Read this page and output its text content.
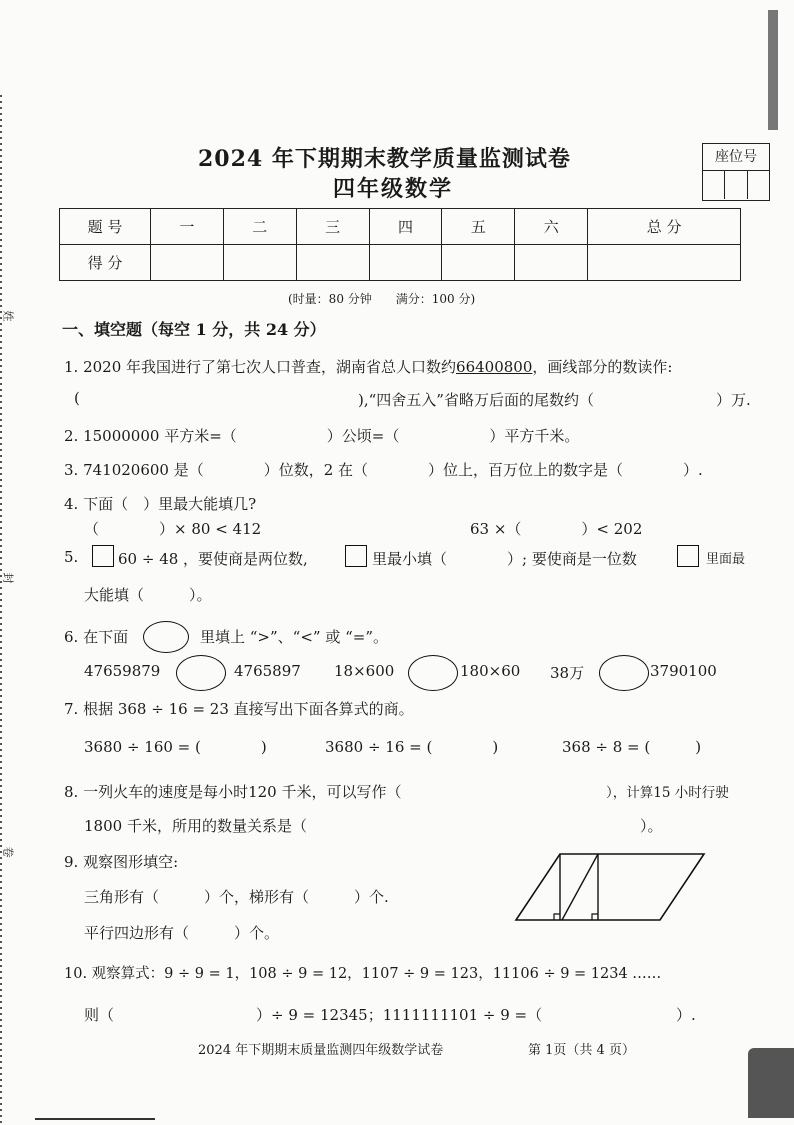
姓
封
卷
2024 年下期期末教学质量监测试卷
四年级数学
座位号
题 号	一	二	三	四	五	六	总 分
得 分							
(时量：80 分钟　　满分：100 分)
一、填空题（每空 1 分，共 24 分）
1. 2020 年我国进行了第七次人口普查，湖南省总人口数约66400800，画线部分的数读作:
(	),“四舍五入”省略万后面的尾数约（	）万.
2. 15000000 平方米=（　　　　　　）公顷=（　　　　　　）平方千米。
3. 741020600 是（　　　　）位数，2 在（　　　　）位上，百万位上的数字是（　　　　）.
4. 下面（　）里最大能填几?
（　　　　）× 80 < 412	63 ×（　　　　）< 202
5.	60 ÷ 48 ，要使商是两位数,	里最小填（　　　　）; 要使商是一位数	里面最
大能填（　　　）。
6. 在下面	里填上 “>”、“<” 或 “=”。
47659879	4765897 18×600	180×60 38万	3790100
7. 根据 368 ÷ 16 = 23 直接写出下面各算式的商。
3680 ÷ 160 = (　　　　)	3680 ÷ 16 = (　　　　)	368 ÷ 8 = (　　　)
8. 一列火车的速度是每小时120 千米，可以写作（	），计算15 小时行驶
1800 千米，所用的数量关系是（	）。
9. 观察图形填空:
三角形有（　　　）个，梯形有（　　　）个.
平行四边形有（　　　）个。
10. 观察算式：9 ÷ 9 = 1，108 ÷ 9 = 12，1107 ÷ 9 = 123，11106 ÷ 9 = 1234 ……
则（	）÷ 9 = 12345；1111111101 ÷ 9 =（	）.
2024 年下期期末质量监测四年级数学试卷	第 1页（共 4 页）
